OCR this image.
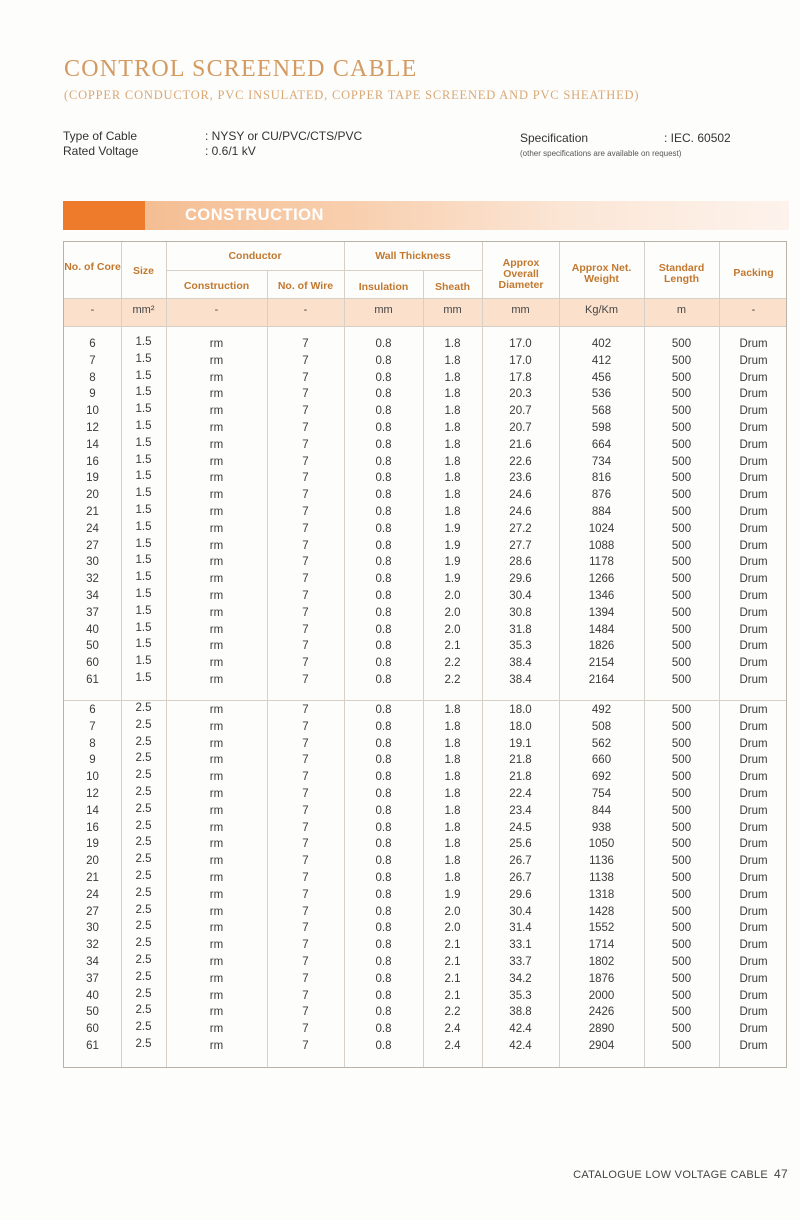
CONTROL SCREENED CABLE
(COPPER CONDUCTOR, PVC INSULATED, COPPER TAPE SCREENED AND PVC SHEATHED)
Type of Cable	: NYSY or CU/PVC/CTS/PVC
Rated Voltage	: 0.6/1 kV
Specification	: IEC. 60502
(other specifications are available on request)
CONSTRUCTION
No. of Core	Size
Conductor
Construction	No. of Wire
Wall Thickness
Insulation	Sheath
Approx Overall Diameter
Approx Net. Weight
Standard Length	Packing
-	mm²	-	-	mm	mm	mm	Kg/Km	m	-
6	1.5	rm	7	0.8	1.8	17.0	402	500	Drum
7	1.5	rm	7	0.8	1.8	17.0	412	500	Drum
8	1.5	rm	7	0.8	1.8	17.8	456	500	Drum
9	1.5	rm	7	0.8	1.8	20.3	536	500	Drum
10	1.5	rm	7	0.8	1.8	20.7	568	500	Drum
12	1.5	rm	7	0.8	1.8	20.7	598	500	Drum
14	1.5	rm	7	0.8	1.8	21.6	664	500	Drum
16	1.5	rm	7	0.8	1.8	22.6	734	500	Drum
19	1.5	rm	7	0.8	1.8	23.6	816	500	Drum
20	1.5	rm	7	0.8	1.8	24.6	876	500	Drum
21	1.5	rm	7	0.8	1.8	24.6	884	500	Drum
24	1.5	rm	7	0.8	1.9	27.2	1024	500	Drum
27	1.5	rm	7	0.8	1.9	27.7	1088	500	Drum
30	1.5	rm	7	0.8	1.9	28.6	1178	500	Drum
32	1.5	rm	7	0.8	1.9	29.6	1266	500	Drum
34	1.5	rm	7	0.8	2.0	30.4	1346	500	Drum
37	1.5	rm	7	0.8	2.0	30.8	1394	500	Drum
40	1.5	rm	7	0.8	2.0	31.8	1484	500	Drum
50	1.5	rm	7	0.8	2.1	35.3	1826	500	Drum
60	1.5	rm	7	0.8	2.2	38.4	2154	500	Drum
61	1.5	rm	7	0.8	2.2	38.4	2164	500	Drum
6	2.5	rm	7	0.8	1.8	18.0	492	500	Drum
7	2.5	rm	7	0.8	1.8	18.0	508	500	Drum
8	2.5	rm	7	0.8	1.8	19.1	562	500	Drum
9	2.5	rm	7	0.8	1.8	21.8	660	500	Drum
10	2.5	rm	7	0.8	1.8	21.8	692	500	Drum
12	2.5	rm	7	0.8	1.8	22.4	754	500	Drum
14	2.5	rm	7	0.8	1.8	23.4	844	500	Drum
16	2.5	rm	7	0.8	1.8	24.5	938	500	Drum
19	2.5	rm	7	0.8	1.8	25.6	1050	500	Drum
20	2.5	rm	7	0.8	1.8	26.7	1136	500	Drum
21	2.5	rm	7	0.8	1.8	26.7	1138	500	Drum
24	2.5	rm	7	0.8	1.9	29.6	1318	500	Drum
27	2.5	rm	7	0.8	2.0	30.4	1428	500	Drum
30	2.5	rm	7	0.8	2.0	31.4	1552	500	Drum
32	2.5	rm	7	0.8	2.1	33.1	1714	500	Drum
34	2.5	rm	7	0.8	2.1	33.7	1802	500	Drum
37	2.5	rm	7	0.8	2.1	34.2	1876	500	Drum
40	2.5	rm	7	0.8	2.1	35.3	2000	500	Drum
50	2.5	rm	7	0.8	2.2	38.8	2426	500	Drum
60	2.5	rm	7	0.8	2.4	42.4	2890	500	Drum
61	2.5	rm	7	0.8	2.4	42.4	2904	500	Drum
CATALOGUE LOW VOLTAGE CABLE 47
